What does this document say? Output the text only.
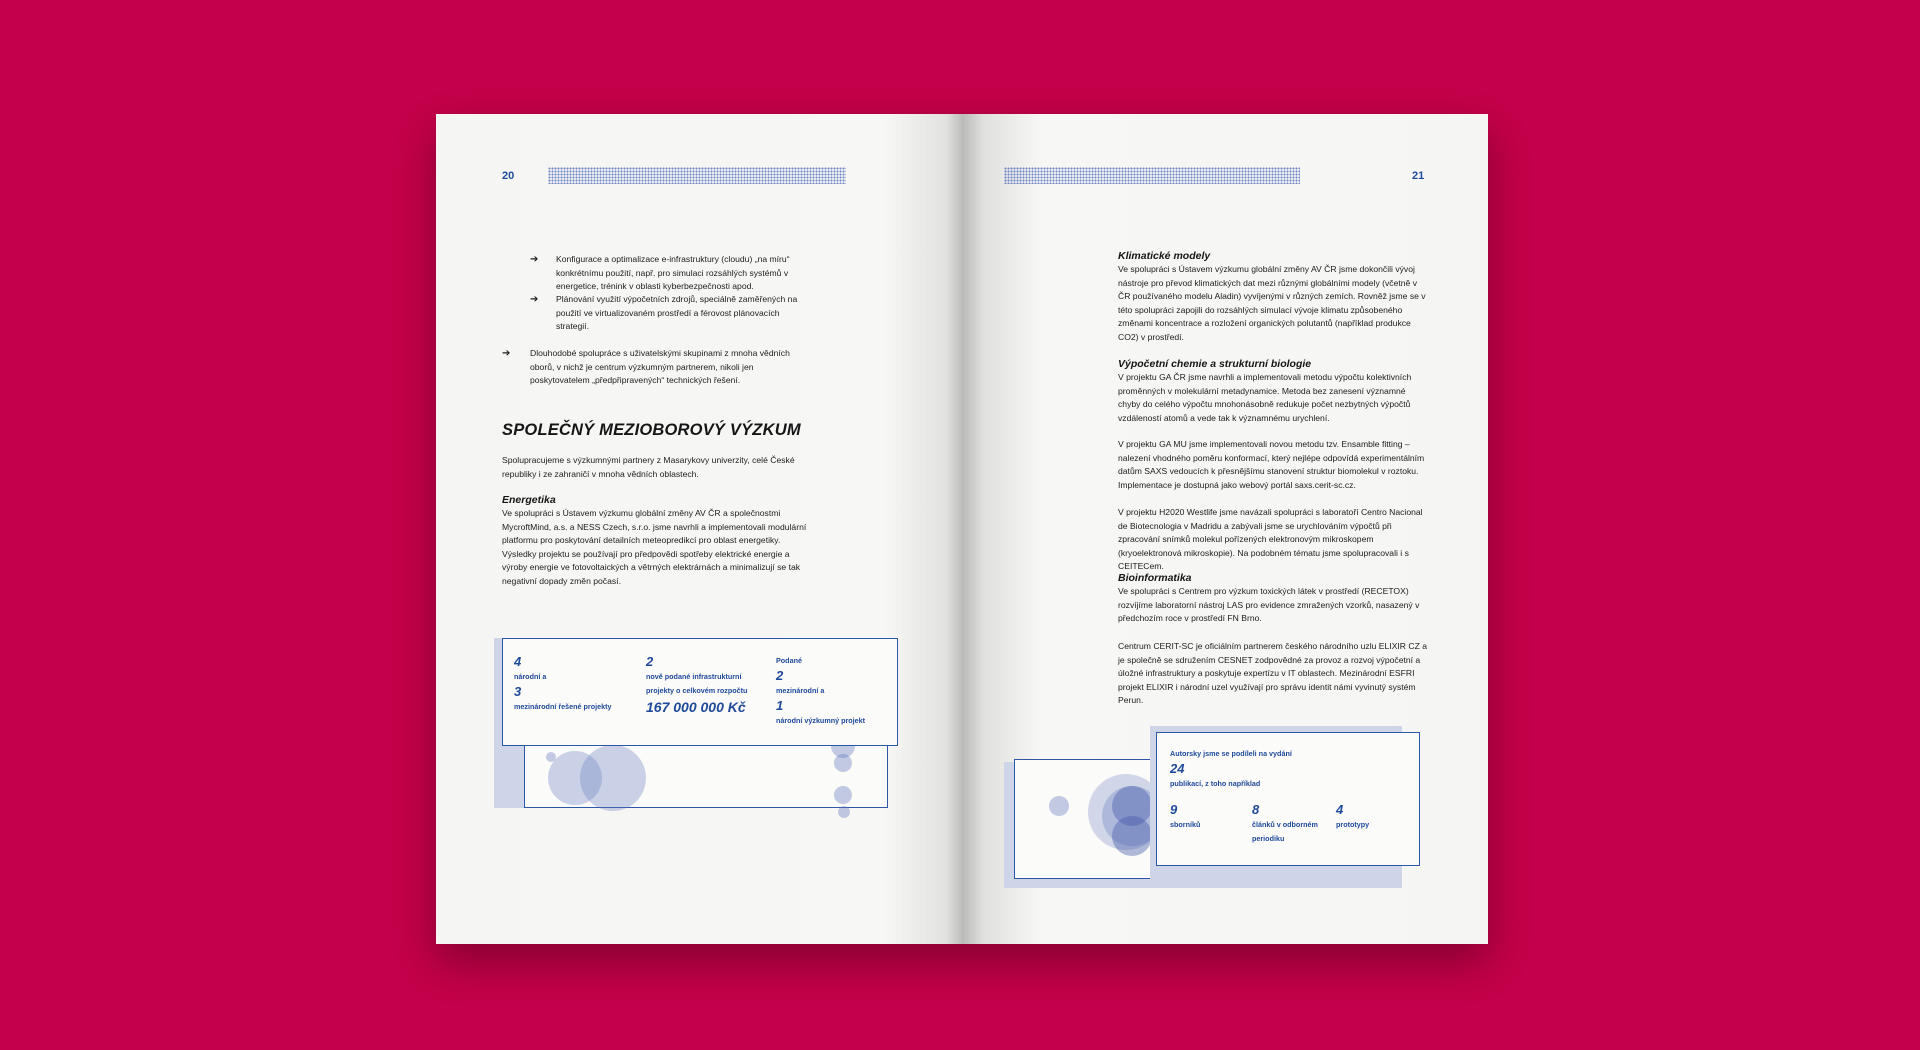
20
➔ Konfigurace a optimalizace e-infrastruktury (cloudu) „na míru“ konkrétnímu použití, např. pro simulaci rozsáhlých systémů v energetice, trénink v oblasti kyberbezpečnosti apod.
➔ Plánování využití výpočetních zdrojů, speciálně zaměřených na použití ve virtualizovaném prostředí a férovost plánovacích strategií.
➔ Dlouhodobé spolupráce s uživatelskými skupinami z mnoha vědních oborů, v nichž je centrum výzkumným partnerem, nikoli jen poskytovatelem „předpřipravených“ technických řešení.
SPOLEČNÝ MEZIOBOROVÝ VÝZKUM
Spolupracujeme s výzkumnými partnery z Masarykovy univerzity, celé České republiky i ze zahraničí v mnoha vědních oblastech.
Energetika
Ve spolupráci s Ústavem výzkumu globální změny AV ČR a společnostmi MycroftMind, a.s. a NESS Czech, s.r.o. jsme navrhli a implementovali modulární platformu pro poskytování detailních meteopredikcí pro oblast energetiky. Výsledky projektu se používají pro předpovědi spotřeby elektrické energie a výroby energie ve fotovoltaických a větrných elektrárnách a minimalizují se tak negativní dopady změn počasí.
4
národní a
3
mezinárodní řešené projekty
2
nově podané infrastrukturní projekty o celkovém rozpočtu
167 000 000 Kč
Podané
2
mezinárodní a
1
národní výzkumný projekt
21
Klimatické modely
Ve spolupráci s Ústavem výzkumu globální změny AV ČR jsme dokončili vývoj nástroje pro převod klimatických dat mezi různými globálními modely (včetně v ČR používaného modelu Aladin) vyvíjenými v různých zemích. Rovněž jsme se v této spolupráci zapojili do rozsáhlých simulací vývoje klimatu způsobeného změnami koncentrace a rozložení organických polutantů (například produkce CO2) v prostředí.
Výpočetní chemie a strukturní biologie
V projektu GA ČR jsme navrhli a implementovali metodu výpočtu kolektivních proměnných v molekulární metadynamice. Metoda bez zanesení významné chyby do celého výpočtu mnohonásobně redukuje počet nezbytných výpočtů vzdáleností atomů a vede tak k významnému urychlení.
V projektu GA MU jsme implementovali novou metodu tzv. Ensamble fitting – nalezení vhodného poměru konformací, který nejlépe odpovídá experimentálním datům SAXS vedoucích k přesnějšímu stanovení struktur biomolekul v roztoku. Implementace je dostupná jako webový portál saxs.cerit-sc.cz.
V projektu H2020 Westlife jsme navázali spolupráci s laboratoří Centro Nacional de Biotecnologia v Madridu a zabývali jsme se urychlováním výpočtů při zpracování snímků molekul pořízených elektronovým mikroskopem (kryoelektronová mikroskopie). Na podobném tématu jsme spolupracovali i s CEITECem.
Bioinformatika
Ve spolupráci s Centrem pro výzkum toxických látek v prostředí (RECETOX) rozvíjíme laboratorní nástroj LAS pro evidence zmražených vzorků, nasazený v předchozím roce v prostředí FN Brno.
Centrum CERIT-SC je oficiálním partnerem českého národního uzlu ELIXIR CZ a je společně se sdružením CESNET zodpovědné za provoz a rozvoj výpočetní a úložné infrastruktury a poskytuje expertízu v IT oblastech. Mezinárodní ESFRI projekt ELIXIR i národní uzel využívají pro správu identit námi vyvinutý systém Perun.
Autorsky jsme se podíleli na vydání
24
publikací, z toho například
9
sborníků
8
článků v odborném periodiku
4
prototypy
